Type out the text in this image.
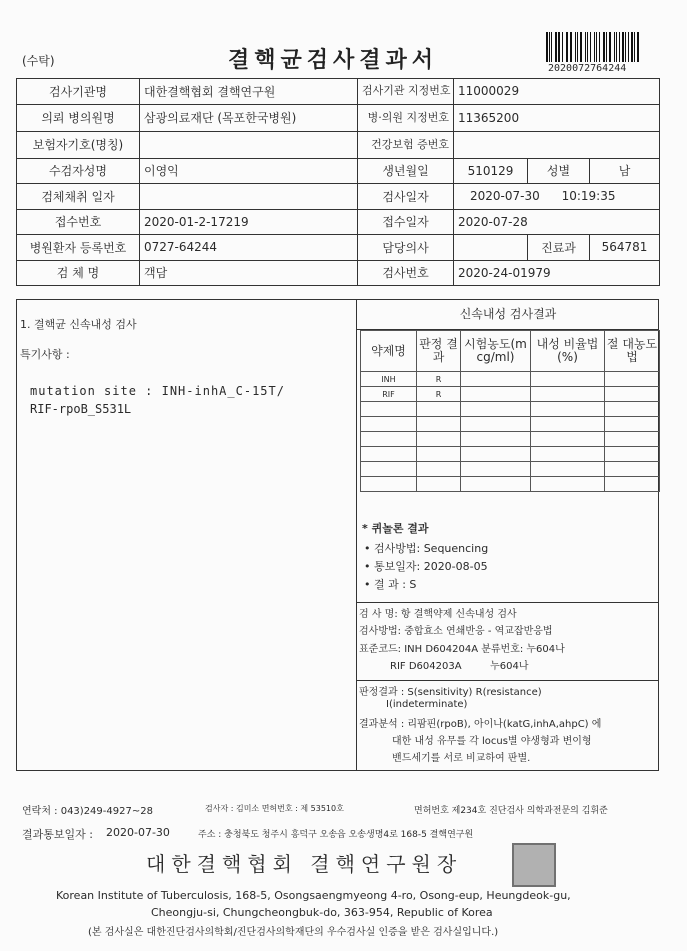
(수탁)	결핵균검사결과서	2020072764244
검사기관명	대한결핵협회 결핵연구원	검사기관 지정번호	11000029		
의뢰 병의원명	삼광의료재단 (목포한국병원)	병·의원 지정번호	11365200		
보험자기호(명칭)		건강보험 증번호			

수검자성명	이영익	생년월일	510129	성별	남
검체채취 일자		검사일자	2020-07-30 10:19:35		
접수번호	2020-01-2-17219	접수일자	2020-07-28		
병원환자 등록번호	0727-64244	담당의사		진료과	564781
검 체 명	객담	검사번호	2020-24-01979		
1. 결핵균 신속내성 검사
특기사항 :
mutation site : INH-inhA_C-15T/
RIF-rpoB_S531L
신속내성 검사결과
약제명	판정 결과	시험농도(m cg/ml)	내성 비율법(%)	절 대농도 법
INH	R			
RIF	R			

* 퀴놀론 결과
• 검사방법: Sequencing
• 통보일자: 2020-08-05
• 결 과 : S
검 사 명: 항 결핵약제 신속내성 검사
검사방법: 중합효소 연쇄반응 - 역교잡반응법
표준코드: INH D604204A 분류번호: 누604나
RIF D604203A         누604나
판정결과 : S(sensitivity) R(resistance)
I(indeterminate)
결과분석 : 리팜핀(rpoB), 아이나(katG,inhA,ahpC) 에
대한 내성 유무를 각 locus별 야생형과 변이형
밴드세기를 서로 비교하여 판별.
연락처 : 043)249-4927~28	검사자 : 김미소 면허번호 : 제 53510호	면허번호 제234호 진단검사 의학과전문의 김휘준
결과통보일자 : 2020-07-30	주소 : 충청북도 청주시 흥덕구 오송읍 오송생명4로 168-5 결핵연구원
대한결핵협회 결핵연구원장
Korean Institute of Tuberculosis, 168-5, Osongsaengmyeong 4-ro, Osong-eup, Heungdeok-gu,
Cheongju-si, Chungcheongbuk-do, 363-954, Republic of Korea
(본 검사실은 대한진단검사의학회/진단검사의학재단의 우수검사실 인증을 받은 검사실입니다.)
